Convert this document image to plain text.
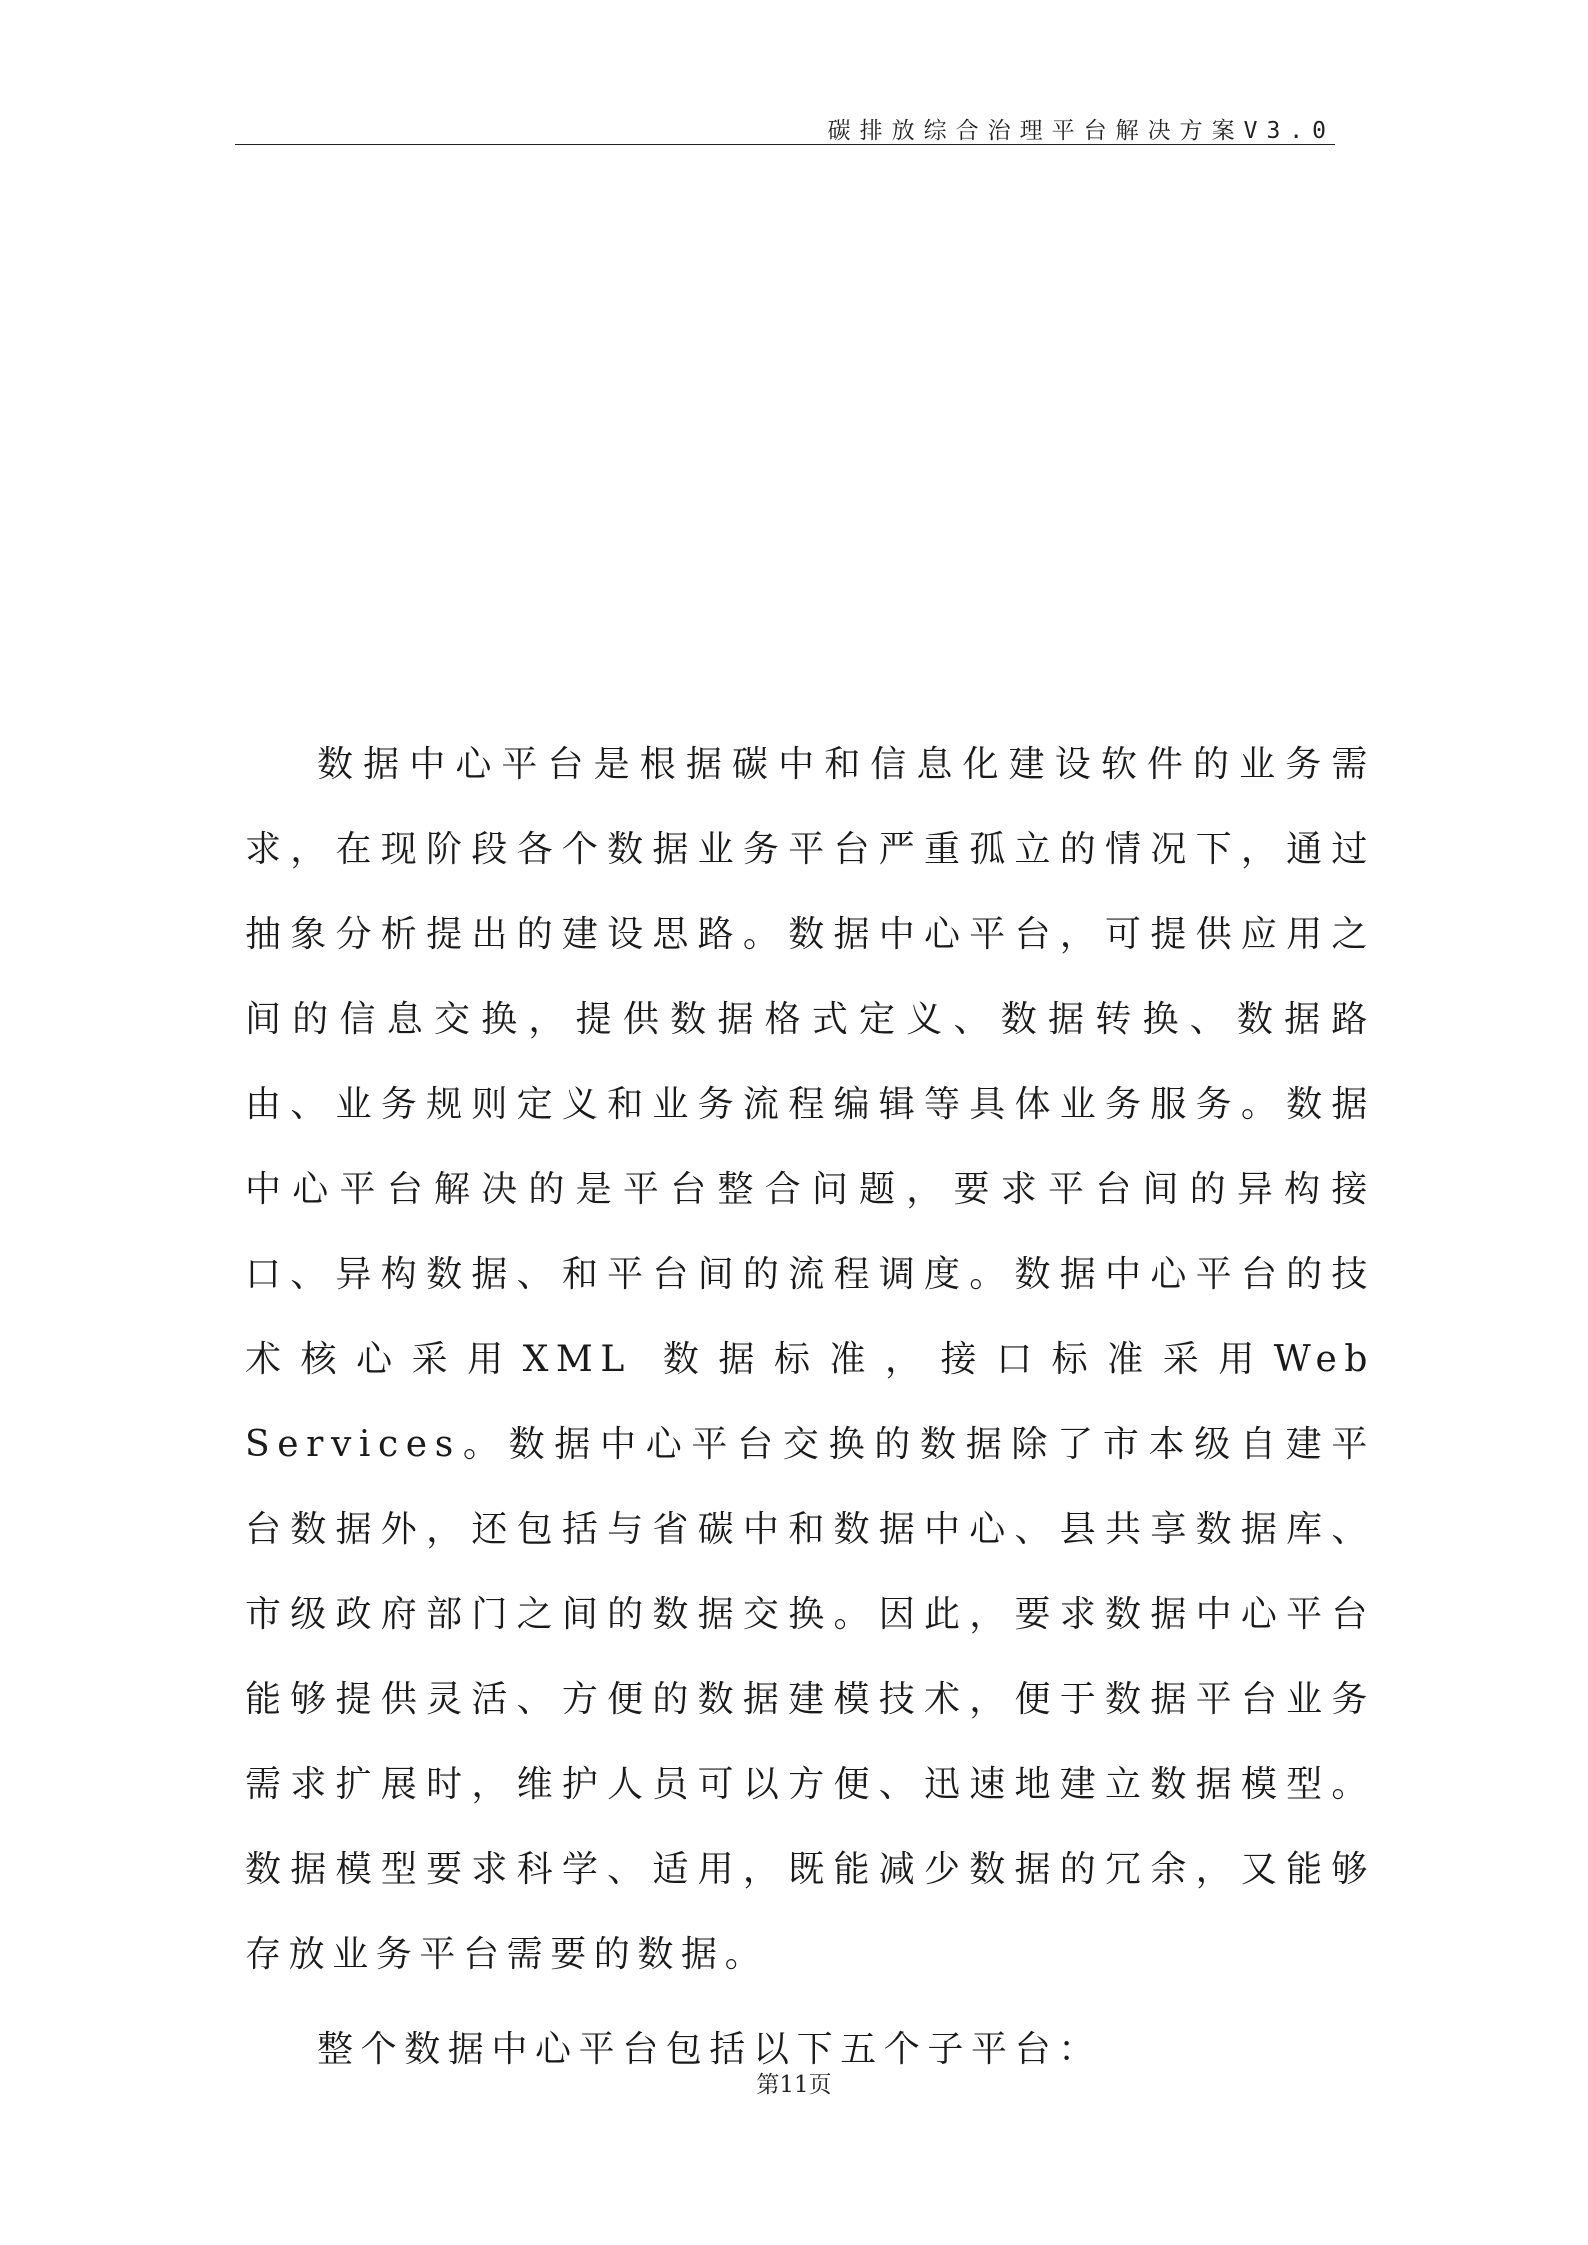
碳排放综合治理平台解决方案V3.0

数据中心平台是根据碳中和信息化建设软件的业务需求，在现阶段各个数据业务平台严重孤立的情况下，通过抽象分析提出的建设思路。数据中心平台，可提供应用之间的信息交换，提供数据格式定义、数据转换、数据路由、业务规则定义和业务流程编辑等具体业务服务。数据中心平台解决的是平台整合问题，要求平台间的异构接口、异构数据、和平台间的流程调度。数据中心平台的技术核心采用XML 数据标准，接口标准采用Web Services。数据中心平台交换的数据除了市本级自建平台数据外，还包括与省碳中和数据中心、县共享数据库、市级政府部门之间的数据交换。因此，要求数据中心平台能够提供灵活、方便的数据建模技术，便于数据平台业务需求扩展时，维护人员可以方便、迅速地建立数据模型。数据模型要求科学、适用，既能减少数据的冗余，又能够存放业务平台需要的数据。

整个数据中心平台包括以下五个子平台：

第11页
